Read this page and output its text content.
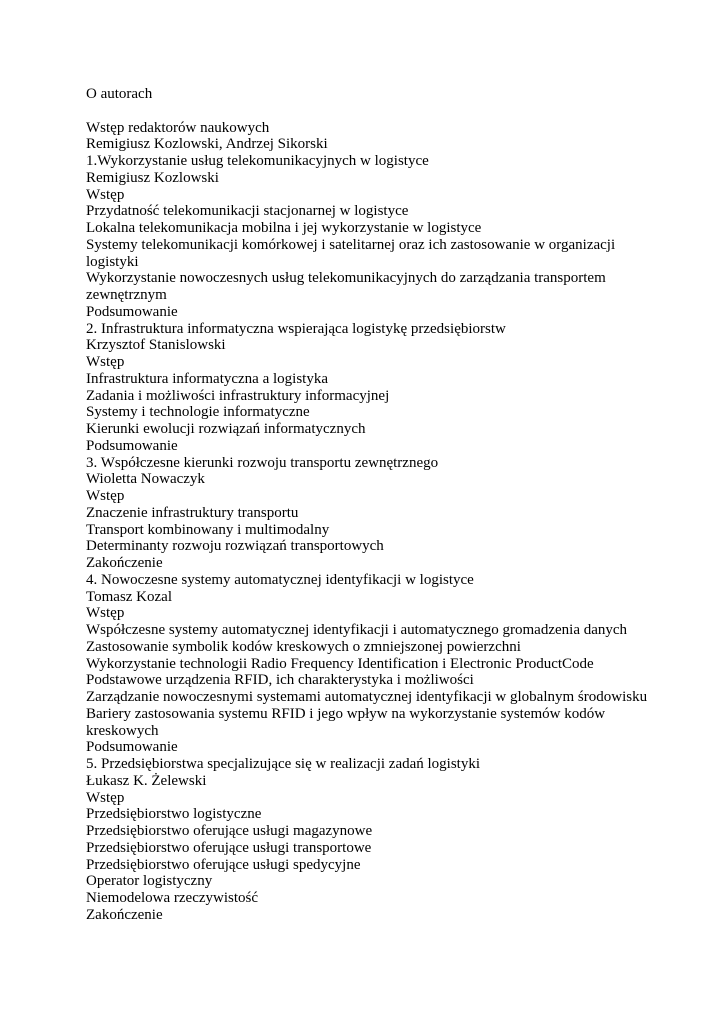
O autorach

Wstęp redaktorów naukowych

Remigiusz Kozlowski, Andrzej Sikorski

1.Wykorzystanie usług telekomunikacyjnych w logistyce

Remigiusz Kozlowski

Wstęp

Przydatność telekomunikacji stacjonarnej w logistyce

Lokalna telekomunikacja mobilna i jej wykorzystanie w logistyce

Systemy telekomunikacji komórkowej i satelitarnej oraz ich zastosowanie w organizacji

logistyki

Wykorzystanie nowoczesnych usług telekomunikacyjnych do zarządzania transportem

zewnętrznym

Podsumowanie

2. Infrastruktura informatyczna wspierająca logistykę przedsiębiorstw

Krzysztof Stanislowski

Wstęp

Infrastruktura informatyczna a logistyka

Zadania i możliwości infrastruktury informacyjnej

Systemy i technologie informatyczne

Kierunki ewolucji rozwiązań informatycznych

Podsumowanie

3. Współczesne kierunki rozwoju transportu zewnętrznego

Wioletta Nowaczyk

Wstęp

Znaczenie infrastruktury transportu

Transport kombinowany i multimodalny

Determinanty rozwoju rozwiązań transportowych

Zakończenie

4. Nowoczesne systemy automatycznej identyfikacji w logistyce

Tomasz Kozal

Wstęp

Współczesne systemy automatycznej identyfikacji i automatycznego gromadzenia danych

Zastosowanie symbolik kodów kreskowych o zmniejszonej powierzchni

Wykorzystanie technologii Radio Frequency Identification i Electronic ProductCode

Podstawowe urządzenia RFID, ich charakterystyka i możliwości

Zarządzanie nowoczesnymi systemami automatycznej identyfikacji w globalnym środowisku

Bariery zastosowania systemu RFID i jego wpływ na wykorzystanie systemów kodów

kreskowych

Podsumowanie

5. Przedsiębiorstwa specjalizujące się w realizacji zadań logistyki

Łukasz K. Żelewski

Wstęp

Przedsiębiorstwo logistyczne

Przedsiębiorstwo oferujące usługi magazynowe

Przedsiębiorstwo oferujące usługi transportowe

Przedsiębiorstwo oferujące usługi spedycyjne

Operator logistyczny

Niemodelowa rzeczywistość

Zakończenie
